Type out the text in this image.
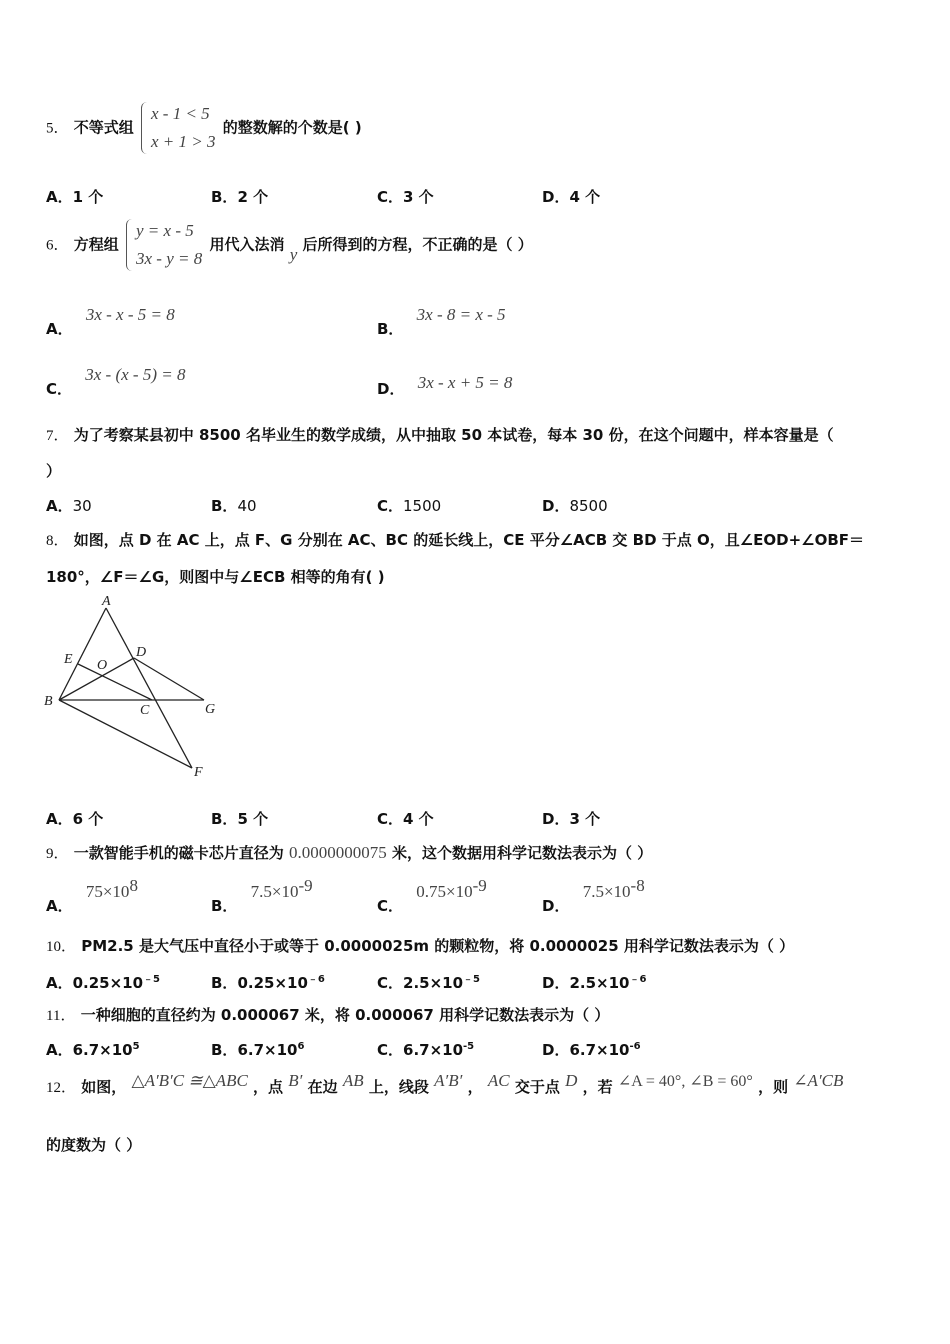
5． 不等式组
x - 1 < 5
x + 1 > 3
的整数解的个数是( )
A．1 个	B．2 个	C．3 个	D．4 个
6． 方程组
y = x - 5
3x - y = 8
用代入法消 y 后所得到的方程，不正确的是（ ）
A． 3x - x - 5 = 8
B． 3x - 8 = x - 5
C． 3x - (x - 5) = 8
D． 3x - x + 5 = 8
7． 为了考察某县初中 8500 名毕业生的数学成绩，从中抽取 50 本试卷，每本 30 份，在这个问题中，样本容量是（
）
A．30	B．40	C．1500	D．8500
8． 如图，点 D 在 AC 上，点 F、G 分别在 AC、BC 的延长线上，CE 平分∠ACB 交 BD 于点 O，且∠EOD+∠OBF＝
180°，∠F＝∠G，则图中与∠ECB 相等的角有( )
A
B
C
D
E
F
G
O
A．6 个	B．5 个	C．4 个	D．3 个
9． 一款智能手机的磁卡芯片直径为 0.0000000075 米，这个数据用科学记数法表示为（ ）
A． $75\times 10^8$
B． $7.5\times 10^{-9}$
C． $0.75\times 10^{-9}$
D． $7.5\times 10^{-8}$
10． PM2.5 是大气压中直径小于或等于 0.0000025m 的颗粒物，将 0.0000025 用科学记数法表示为（ ）
A．$0.25\times 10^{﹣5}$	B．$0.25\times 10^{﹣6}$	C．$2.5\times 10^{﹣5}$	D．$2.5\times 10^{﹣6}$
11． 一种细胞的直径约为 0.000067 米，将 0.000067 用科学记数法表示为（ ）
A．$6.7\times 10^5$	B．$6.7\times 10^6$	C．$6.7\times 10^{-5}$	D．$6.7\times 10^{-6}$
12． 如图， △A′B′C ≅△ABC ，点 B′ 在边 AB 上，线段 A′B′ ， AC 交于点 D ，若 ∠A = 40°, ∠B = 60° ，则 ∠A′CB
的度数为（ ）
